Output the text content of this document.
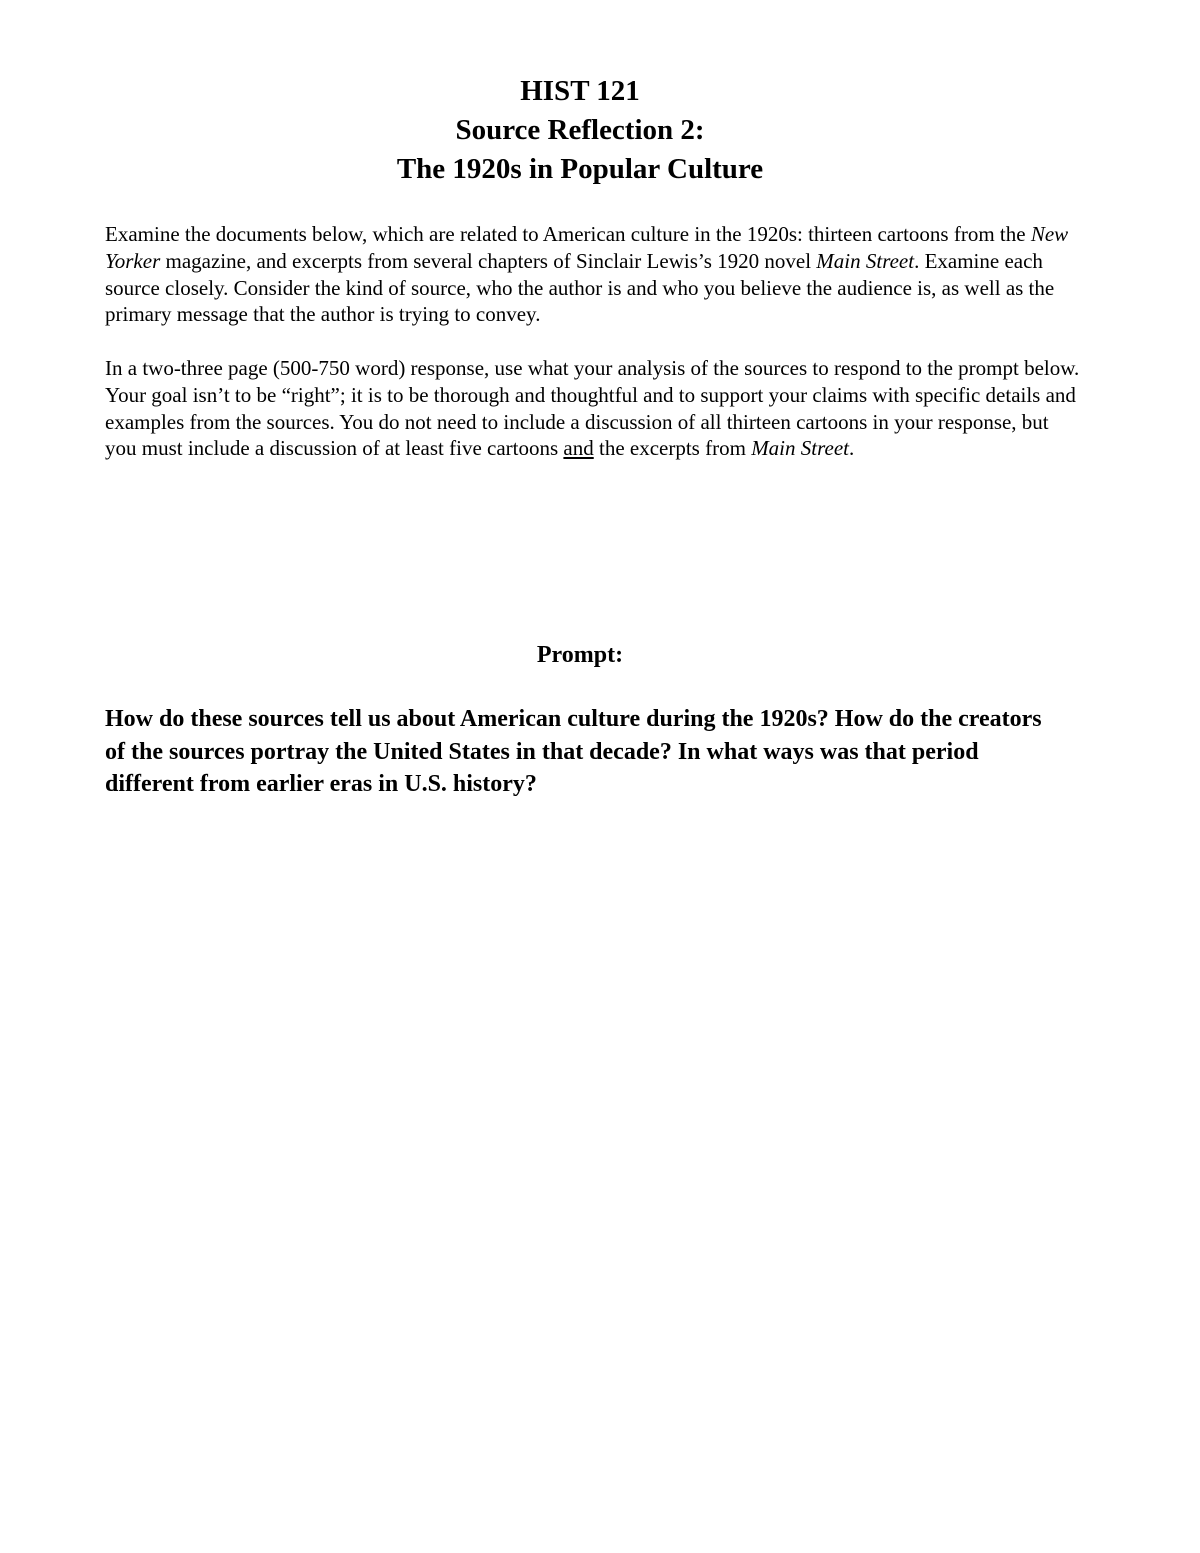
HIST 121
Source Reflection 2:
The 1920s in Popular Culture

Examine the documents below, which are related to American culture in the 1920s: thirteen cartoons from the New Yorker magazine, and excerpts from several chapters of Sinclair Lewis’s 1920 novel Main Street. Examine each source closely. Consider the kind of source, who the author is and who you believe the audience is, as well as the primary message that the author is trying to convey.

In a two-three page (500-750 word) response, use what your analysis of the sources to respond to the prompt below. Your goal isn’t to be “right”; it is to be thorough and thoughtful and to support your claims with specific details and examples from the sources. You do not need to include a discussion of all thirteen cartoons in your response, but you must include a discussion of at least five cartoons and the excerpts from Main Street.

Prompt:

How do these sources tell us about American culture during the 1920s? How do the creators of the sources portray the United States in that decade? In what ways was that period different from earlier eras in U.S. history?
